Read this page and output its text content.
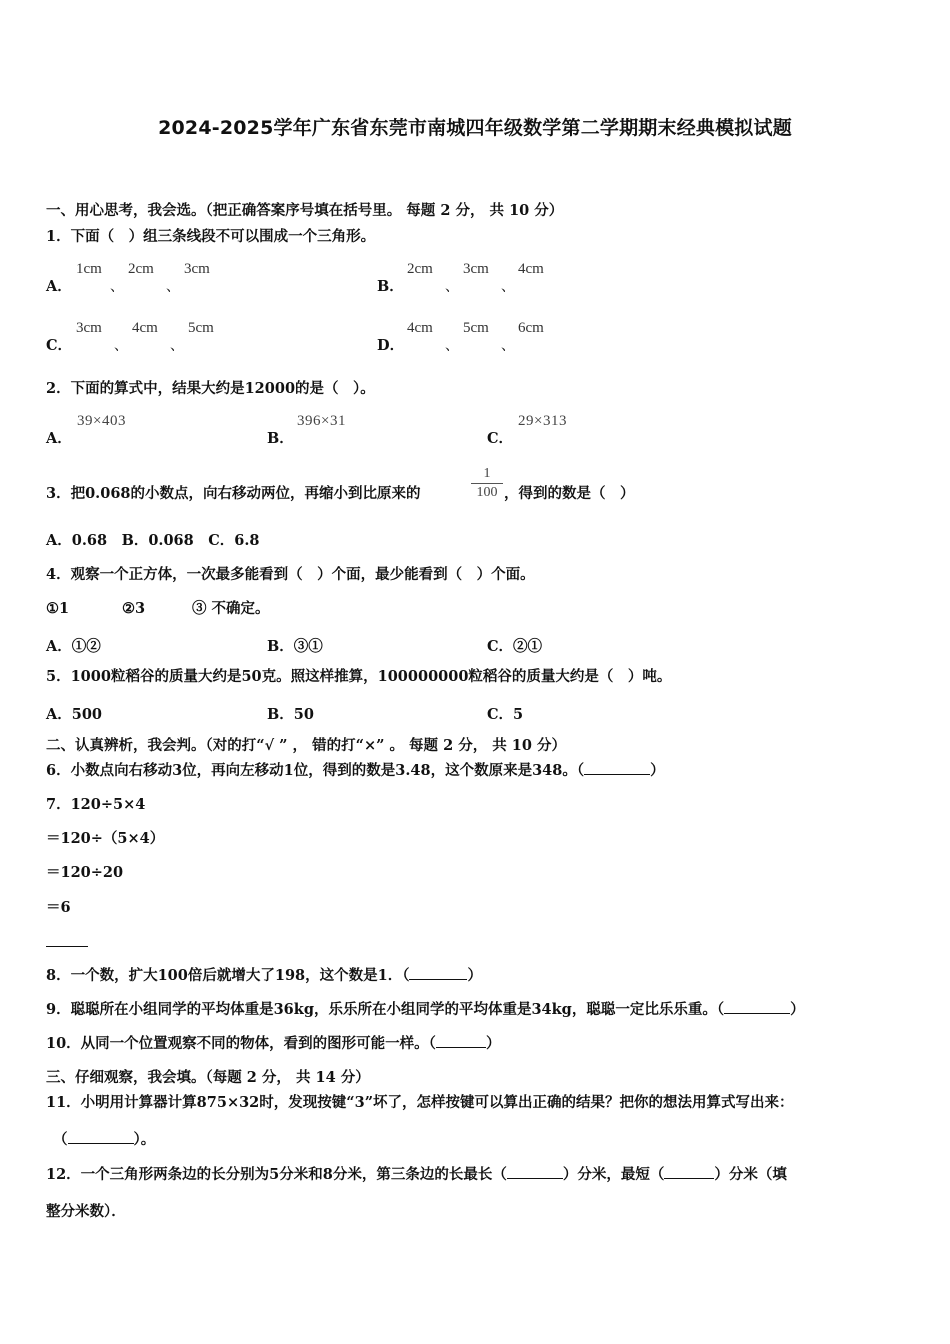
2024-2025学年广东省东莞市南城四年级数学第二学期期末经典模拟试题
一、用心思考，我会选。（把正确答案序号填在括号里。 每题 2 分， 共 10 分）
1．下面（　）组三条线段不可以围成一个三角形。
A．
1cm
、
2cm
、
3cm
B．
2cm
、
3cm
、
4cm
C．
3cm
、
4cm
、
5cm
D．
4cm
、
5cm
、
6cm
2．下面的算式中，结果大约是12000的是（　）。
A．
39×403
B．
396×31
C．
29×313
3．把0.068的小数点，向右移动两位，再缩小到比原来的
1
100 ，得到的数是（　）
A．0.68　B．0.068　C．6.8
4．观察一个正方体，一次最多能看到（　）个面，最少能看到（　）个面。
①1	②3	③ 不确定。
A．①②	B．③①	C．②①
5．1000粒稻谷的质量大约是50克。照这样推算，100000000粒稻谷的质量大约是（　）吨。
A．500	B．50	C．5
二、认真辨析，我会判。（对的打“√ ” ， 错的打“×” 。 每题 2 分， 共 10 分）
6．小数点向右移动3位，再向左移动1位，得到的数是3.48，这个数原来是348。（	）
7．120÷5×4
＝120÷（5×4）
＝120÷20
＝6
8．一个数，扩大100倍后就增大了198，这个数是1．（	）
9．聪聪所在小组同学的平均体重是36kg，乐乐所在小组同学的平均体重是34kg，聪聪一定比乐乐重。（	）
10．从同一个位置观察不同的物体，看到的图形可能一样。（	）
三、仔细观察，我会填。（每题 2 分， 共 14 分）
11．小明用计算器计算875×32时，发现按键“3”坏了，怎样按键可以算出正确的结果？把你的想法用算式写出来：
（	）。
12．一个三角形两条边的长分别为5分米和8分米，第三条边的长最长（	）分米，最短（	）分米（填
整分米数）．
